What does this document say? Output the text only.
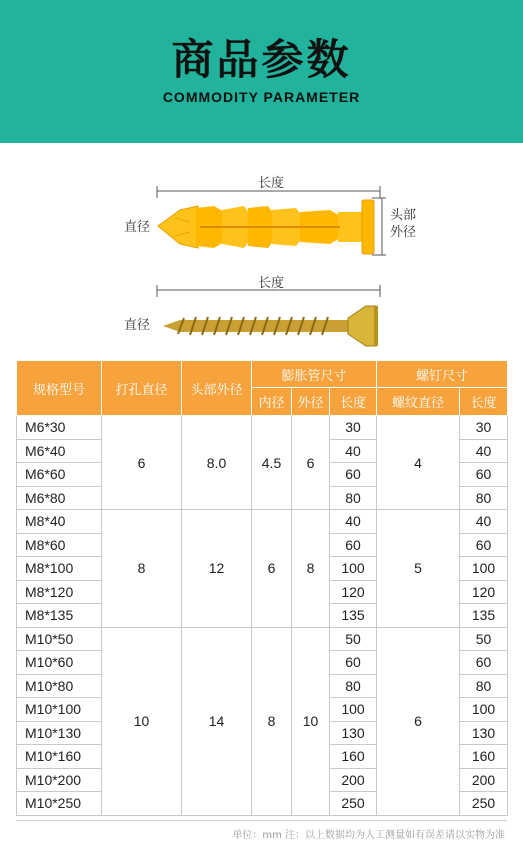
商品参数
COMMODITY PARAMETER
长度
直径
头部
外径
长度
直径
规格型号	打孔直径	头部外径	膨胀管尺寸			螺钉尺寸	
			内径	外径	长度	螺纹直径	长度
M6*30	6	8.0	4.5	6	30	4	30
M6*40					40		40
M6*60					60		60
M6*80					80		80
M8*40	8	12	6	8	40	5	40
M8*60					60		60
M8*100					100		100
M8*120					120		120
M8*135					135		135
M10*50	10	14	8	10	50	6	50
M10*60					60		60
M10*80					80		80
M10*100					100		100
M10*130					130		130
M10*160					160		160
M10*200					200		200
M10*250					250		250
单位：mm 注：以上数据均为人工测量如有误差请以实物为准
